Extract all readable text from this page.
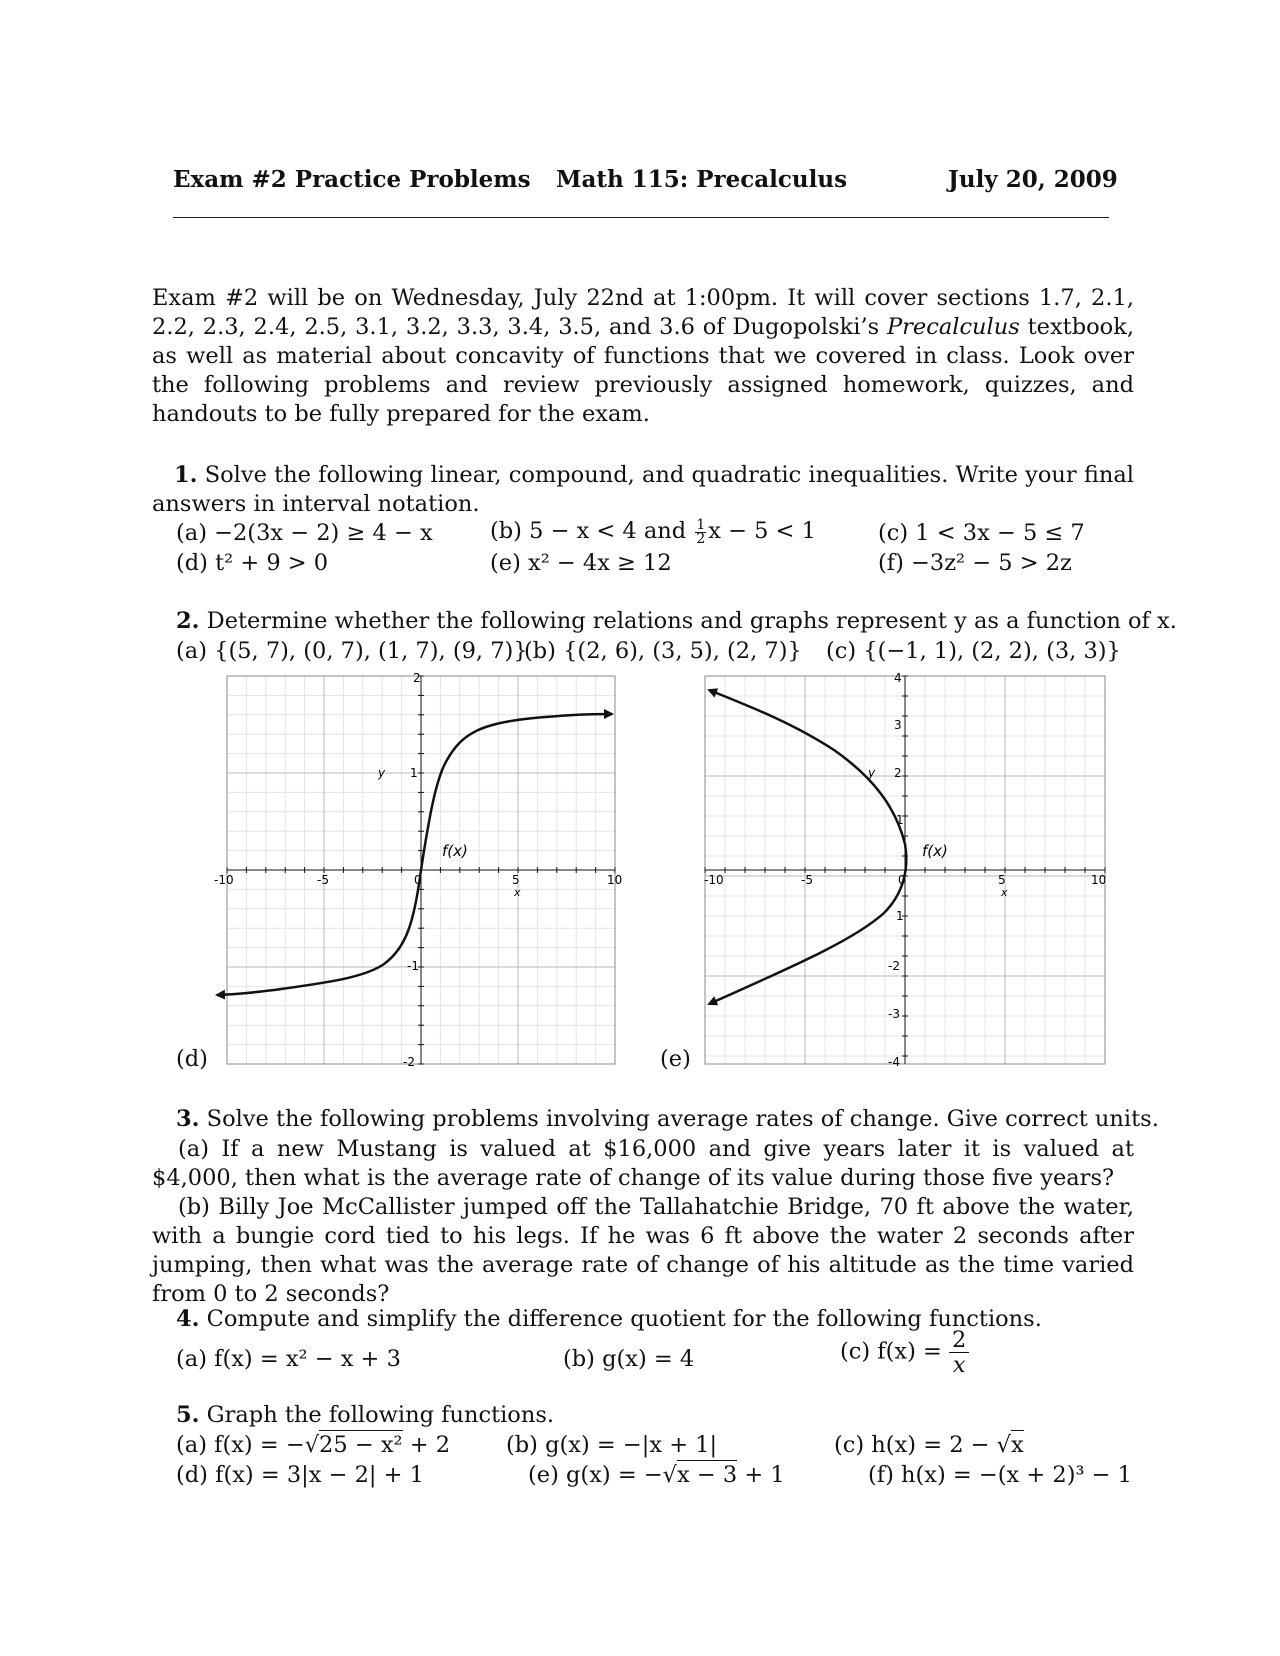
Exam #2 Practice Problems Math 115: Precalculus	July 20, 2009
Exam #2 will be on Wednesday, July 22nd at 1:00pm. It will cover sections 1.7, 2.1, 2.2, 2.3, 2.4, 2.5, 3.1, 3.2, 3.3, 3.4, 3.5, and 3.6 of Dugopolski’s Precalculus textbook, as well as material about concavity of functions that we covered in class. Look over the following problems and review previously assigned homework, quizzes, and handouts to be fully prepared for the exam.
1. Solve the following linear, compound, and quadratic inequalities. Write your final answers in interval notation.
(a) −2(3x − 2) ≥ 4 − x	(b) 5 − x < 4 and $\frac{1}{2}$ x − 5 < 1	(c) 1 < 3x − 5 ≤ 7
(d) t² + 9 > 0	(e) x² − 4x ≥ 12	(f) −3z² − 5 > 2z
2. Determine whether the following relations and graphs represent y as a function of x.
(a) {(5, 7), (0, 7), (1, 7), (9, 7)}
(b) {(2, 6), (3, 5), (2, 7)} (c) {(−1, 1), (2, 2), (3, 3)}
-10	-5	0	5	10
2
1
-1
-2
y
x
f(x)
(d)
-10	-5	0	5	10
4
3
2
1
1
-2
-3
-4
y
x
f(x)
(e)
3. Solve the following problems involving average rates of change. Give correct units.
(a) If a new Mustang is valued at $16,000 and give years later it is valued at $4,000, then what is the average rate of change of its value during those five years?
(b) Billy Joe McCallister jumped off the Tallahatchie Bridge, 70 ft above the water, with a bungie cord tied to his legs. If he was 6 ft above the water 2 seconds after jumping, then what was the average rate of change of his altitude as the time varied from 0 to 2 seconds?
4. Compute and simplify the difference quotient for the following functions.
(a) f(x) = x² − x + 3	(b) g(x) = 4	(c) $f(x) = \frac{2}{x}$
5. Graph the following functions.
(a) f(x) = −√25 − x² + 2 (b) g(x) = −|x + 1|	(c) h(x) = 2 − √x
(d) f(x) = 3|x − 2| + 1	(e) g(x) = −√x − 3 + 1	(f) h(x) = −(x + 2)³ − 1
